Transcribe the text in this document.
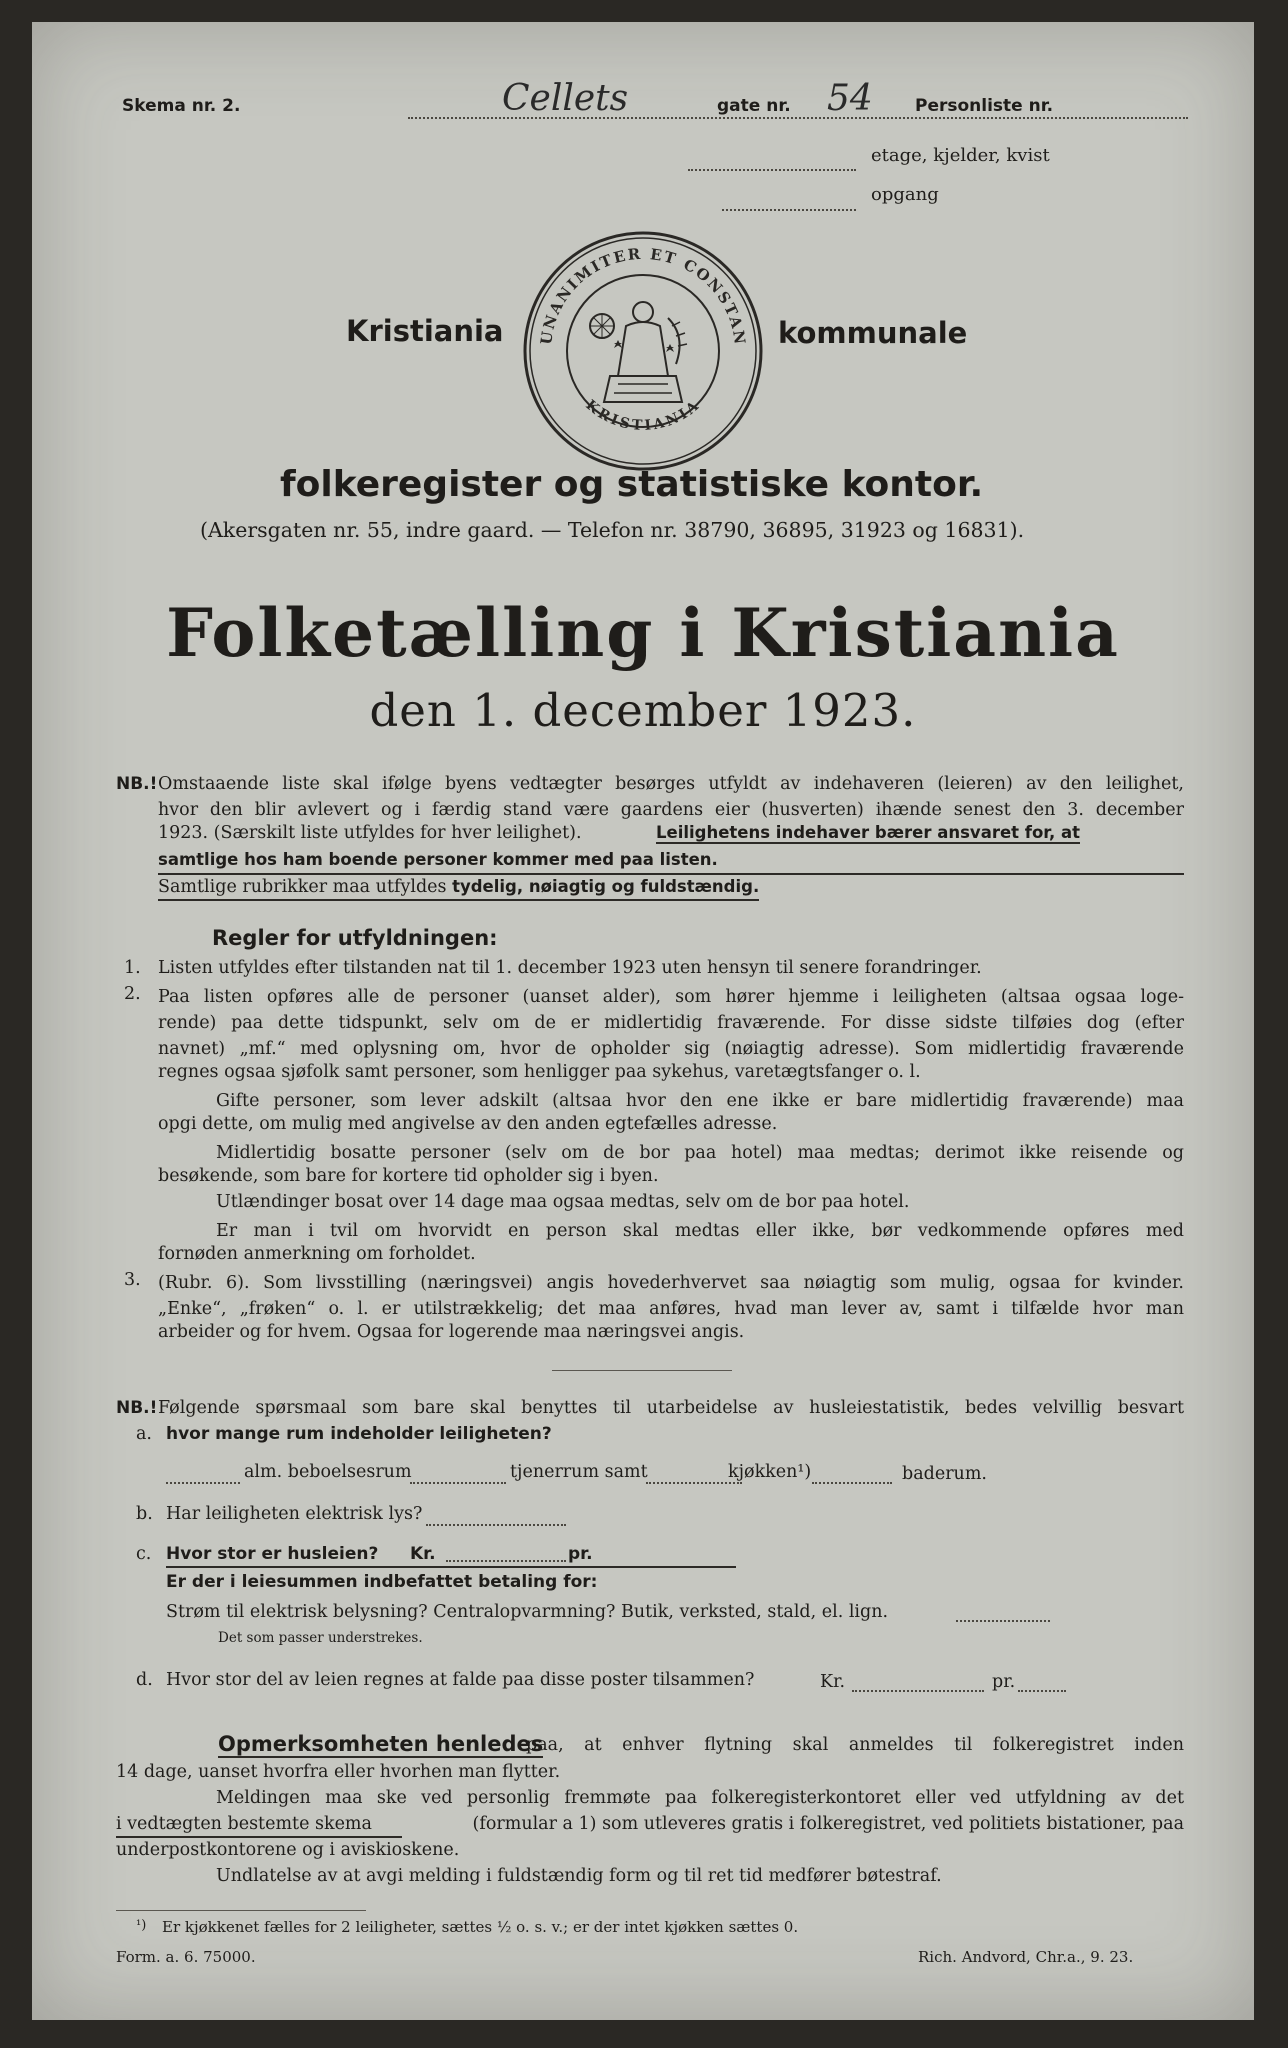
Skema nr. 2.	Cellets	gate nr. 54 Personliste nr.
etage, kjelder, kvist
opgang
UNANIMITER ET CONSTAN
KRISTIANIA
Kristiania	kommunale
folkeregister og statistiske kontor.
(Akersgaten nr. 55, indre gaard. — Telefon nr. 38790, 36895, 31923 og 16831).
Folketælling i Kristiania
den 1. december 1923.
NB.! Omstaaende liste skal ifølge byens vedtægter besørges utfyldt av indehaveren (leieren) av den leilighet,
hvor den blir avlevert og i færdig stand være gaardens eier (husverten) ihænde senest den 3. december
1923. (Særskilt liste utfyldes for hver leilighet).	Leilighetens indehaver bærer ansvaret for, at
samtlige hos ham boende personer kommer med paa listen.
Samtlige rubrikker maa utfyldes tydelig, nøiagtig og fuldstændig.
Regler for utfyldningen:
1. Listen utfyldes efter tilstanden nat til 1. december 1923 uten hensyn til senere forandringer.
2. Paa listen opføres alle de personer (uanset alder), som hører hjemme i leiligheten (altsaa ogsaa loge-
rende) paa dette tidspunkt, selv om de er midlertidig fraværende. For disse sidste tilføies dog (efter
navnet) „mf.“ med oplysning om, hvor de opholder sig (nøiagtig adresse). Som midlertidig fraværende
regnes ogsaa sjøfolk samt personer, som henligger paa sykehus, varetægtsfanger o. l.
Gifte personer, som lever adskilt (altsaa hvor den ene ikke er bare midlertidig fraværende) maa
opgi dette, om mulig med angivelse av den anden egtefælles adresse.
Midlertidig bosatte personer (selv om de bor paa hotel) maa medtas; derimot ikke reisende og
besøkende, som bare for kortere tid opholder sig i byen.
Utlændinger bosat over 14 dage maa ogsaa medtas, selv om de bor paa hotel.
Er man i tvil om hvorvidt en person skal medtas eller ikke, bør vedkommende opføres med
fornøden anmerkning om forholdet.
3. (Rubr. 6). Som livsstilling (næringsvei) angis hovederhvervet saa nøiagtig som mulig, ogsaa for kvinder.
„Enke“, „frøken“ o. l. er utilstrækkelig; det maa anføres, hvad man lever av, samt i tilfælde hvor man
arbeider og for hvem. Ogsaa for logerende maa næringsvei angis.
NB.! Følgende spørsmaal som bare skal benyttes til utarbeidelse av husleiestatistik, bedes velvillig besvart
a. hvor mange rum indeholder leiligheten?
alm. beboelsesrum	tjenerrum samt	kjøkken¹)	baderum.
b. Har leiligheten elektrisk lys?
c. Hvor stor er husleien? Kr.	pr.
Er der i leiesummen indbefattet betaling for:
Strøm til elektrisk belysning? Centralopvarmning? Butik, verksted, stald, el. lign.
Det som passer understrekes.
d. Hvor stor del av leien regnes at falde paa disse poster tilsammen?	Kr.	pr.
Opmerksomheten henledes
paa, at enhver flytning skal anmeldes til folkeregistret inden
14 dage, uanset hvorfra eller hvorhen man flytter.
Meldingen maa ske ved personlig fremmøte paa folkeregisterkontoret eller ved utfyldning av det
i vedtægten bestemte skema	(formular a 1) som utleveres gratis i folkeregistret, ved politiets bistationer, paa
underpostkontorene og i aviskioskene.
Undlatelse av at avgi melding i fuldstændig form og til ret tid medfører bøtestraf.
¹) Er kjøkkenet fælles for 2 leiligheter, sættes ½ o. s. v.; er der intet kjøkken sættes 0.
Form. a. 6. 75000.	Rich. Andvord, Chr.a., 9. 23.
